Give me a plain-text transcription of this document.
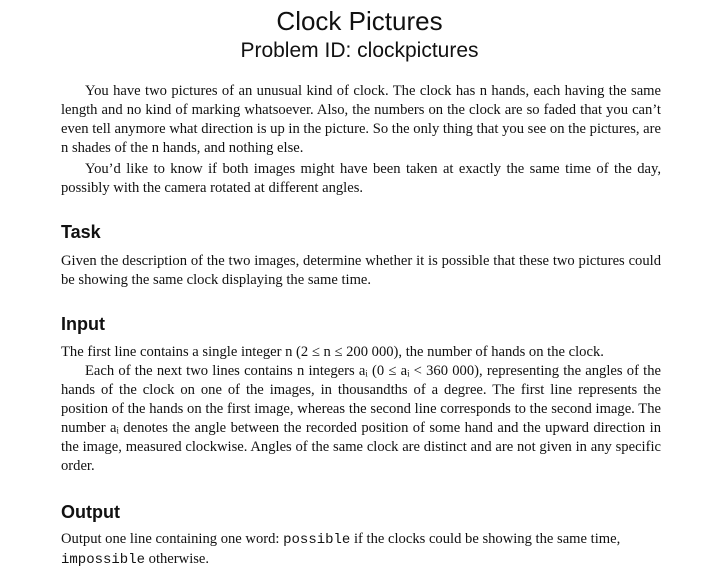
Clock Pictures
Problem ID: clockpictures

You have two pictures of an unusual kind of clock. The clock has n hands, each having the same length and no kind of marking whatsoever. Also, the numbers on the clock are so faded that you can’t even tell anymore what direction is up in the picture. So the only thing that you see on the pictures, are n shades of the n hands, and nothing else.

You’d like to know if both images might have been taken at exactly the same time of the day, possibly with the camera rotated at different angles.

Task

Given the description of the two images, determine whether it is possible that these two pictures could be showing the same clock displaying the same time.

Input

The first line contains a single integer n (2 ≤ n ≤ 200 000), the number of hands on the clock.

Each of the next two lines contains n integers aᵢ (0 ≤ aᵢ < 360 000), representing the angles of the hands of the clock on one of the images, in thousandths of a degree. The first line represents the position of the hands on the first image, whereas the second line corresponds to the second image. The number aᵢ denotes the angle between the recorded position of some hand and the upward direction in the image, measured clockwise. Angles of the same clock are distinct and are not given in any specific order.

Output

Output one line containing one word: possible if the clocks could be showing the same time,
impossible otherwise.
